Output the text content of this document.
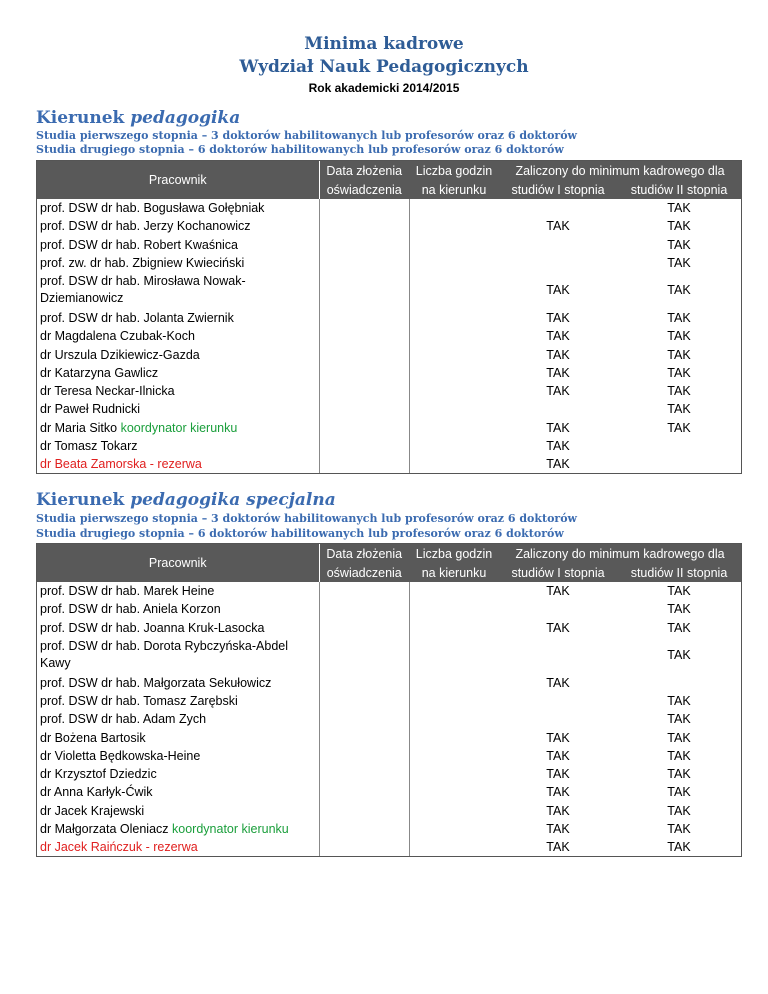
Minima kadrowe
Wydział Nauk Pedagogicznych
Rok akademicki 2014/2015
Kierunek pedagogika
Studia pierwszego stopnia – 3 doktorów habilitowanych lub profesorów oraz 6 doktorów
Studia drugiego stopnia – 6 doktorów habilitowanych lub profesorów oraz 6 doktorów
Pracownik	Data złożenia	Liczba godzin	Zaliczony do minimum kadrowego dla	
	oświadczenia	na kierunku	studiów I stopnia	studiów II stopnia
prof. DSW dr hab. Bogusława Gołębniak				TAK
prof. DSW dr hab. Jerzy Kochanowicz			TAK	TAK
prof. DSW dr hab. Robert Kwaśnica				TAK
prof. zw. dr hab. Zbigniew Kwieciński				TAK
prof. DSW dr hab. Mirosława Nowak-Dziemianowicz			TAK	TAK
prof. DSW dr hab. Jolanta Zwiernik			TAK	TAK
dr Magdalena Czubak-Koch			TAK	TAK
dr Urszula Dzikiewicz-Gazda			TAK	TAK
dr Katarzyna Gawlicz			TAK	TAK
dr Teresa Neckar-Ilnicka			TAK	TAK
dr Paweł Rudnicki				TAK
dr Maria Sitko koordynator kierunku			TAK	TAK
dr Tomasz Tokarz			TAK	
dr Beata Zamorska - rezerwa			TAK	
Kierunek pedagogika specjalna
Studia pierwszego stopnia – 3 doktorów habilitowanych lub profesorów oraz 6 doktorów
Studia drugiego stopnia – 6 doktorów habilitowanych lub profesorów oraz 6 doktorów
Pracownik	Data złożenia	Liczba godzin	Zaliczony do minimum kadrowego dla	
	oświadczenia	na kierunku	studiów I stopnia	studiów II stopnia
prof. DSW dr hab. Marek Heine			TAK	TAK
prof. DSW dr hab. Aniela Korzon				TAK
prof. DSW dr hab. Joanna Kruk-Lasocka			TAK	TAK
prof. DSW dr hab. Dorota Rybczyńska-Abdel Kawy				TAK
prof. DSW dr hab. Małgorzata Sekułowicz			TAK	
prof. DSW dr hab. Tomasz Zarębski				TAK
prof. DSW dr hab. Adam Zych				TAK
dr Bożena Bartosik			TAK	TAK
dr Violetta Będkowska-Heine			TAK	TAK
dr Krzysztof Dziedzic			TAK	TAK
dr Anna Karłyk-Ćwik			TAK	TAK
dr Jacek Krajewski			TAK	TAK
dr Małgorzata Oleniacz koordynator kierunku			TAK	TAK
dr Jacek Raińczuk - rezerwa			TAK	TAK
